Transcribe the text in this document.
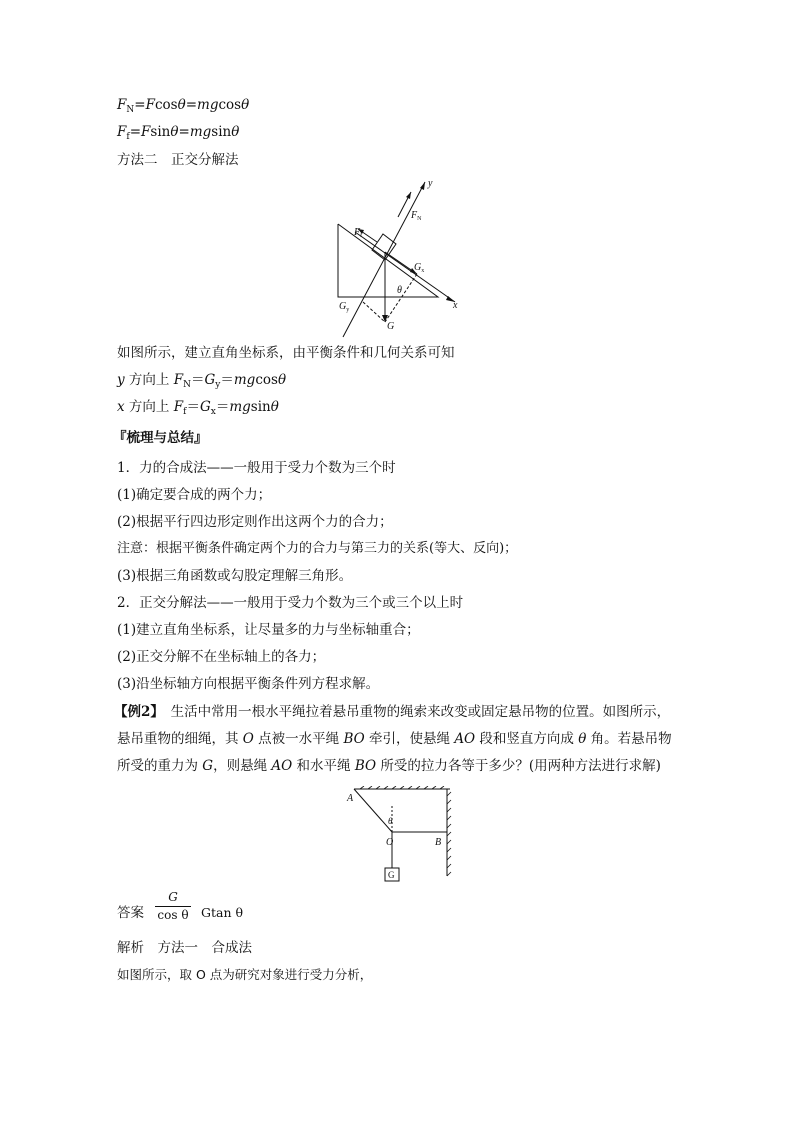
$F_N=Fcos\theta=mgcos\theta$
$F_f=Fsin\theta=mgsin\theta$
方法二　正交分解法
y
x
$F_N$
$F_f$
$G_x$
$G_y$
G
θ
如图所示，建立直角坐标系，由平衡条件和几何关系可知
y 方向上 $F_N=G_y=mgcos\theta$
x 方向上 $F_f=G_x=mgsin\theta$
『梳理与总结』
1．力的合成法——一般用于受力个数为三个时
(1)确定要合成的两个力；
(2)根据平行四边形定则作出这两个力的合力；
注意：根据平衡条件确定两个力的合力与第三力的关系(等大、反向)；
(3)根据三角函数或勾股定理解三角形。
2．正交分解法——一般用于受力个数为三个或三个以上时
(1)建立直角坐标系，让尽量多的力与坐标轴重合；
(2)正交分解不在坐标轴上的各力；
(3)沿坐标轴方向根据平衡条件列方程求解。
【例2】　生活中常用一根水平绳拉着悬吊重物的绳索来改变或固定悬吊物的位置。如图所示，
悬吊重物的细绳，其 O 点被一水平绳 BO 牵引，使悬绳 AO 段和竖直方向成 θ 角。若悬吊物
所受的重力为 G，则悬绳 AO 和水平绳 BO 所受的拉力各等于多少？(用两种方法进行求解)
A
O	B
G
θ
答案
G
cos θ Gtan θ
解析　方法一　合成法
如图所示，取 O 点为研究对象进行受力分析，
